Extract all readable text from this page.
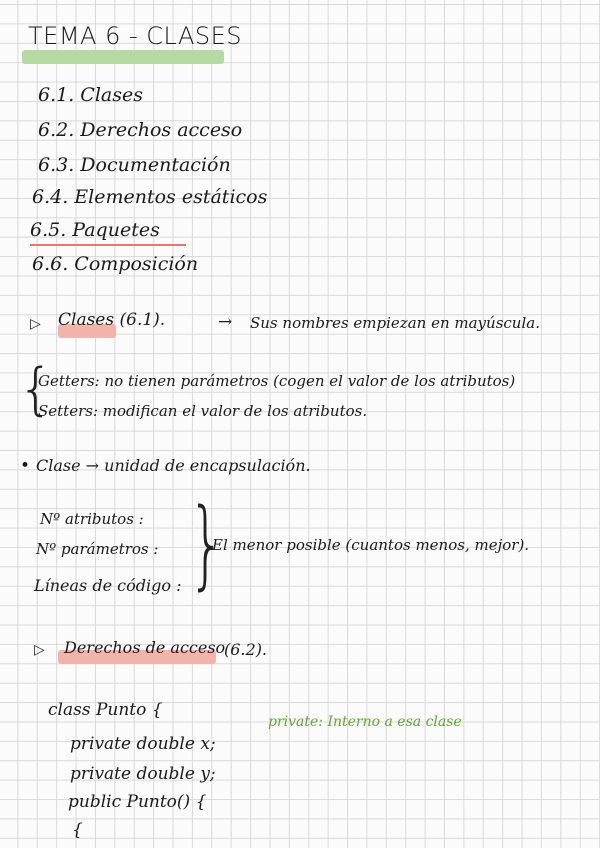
TEMA 6 - CLASES
6.1. Clases
6.2. Derechos acceso
6.3. Documentación
6.4. Elementos estáticos
6.5. Paquetes
6.6. Composición
▷ Clases (6.1).	→ Sus nombres empiezan en mayúscula.
{
Getters: no tienen parámetros (cogen el valor de los atributos)
Setters: modifican el valor de los atributos.
• Clase → unidad de encapsulación.
Nº atributos :
Nº parámetros :
Líneas de código : }
El menor posible (cuantos menos, mejor).
▷ Derechos de acceso
(6.2).
class Punto {
private double x;
private double y;
public Punto() {
{
private: Interno a esa clase
